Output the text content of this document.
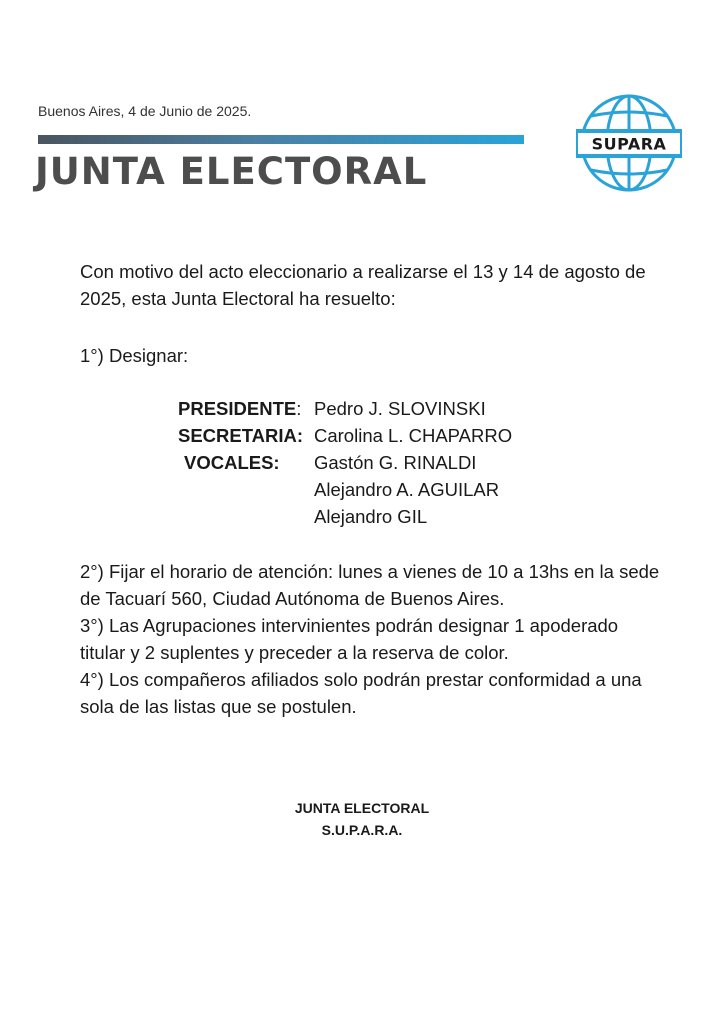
Buenos Aires, 4 de Junio de 2025.
JUNTA ELECTORAL
SUPARA
Con motivo del acto eleccionario a realizarse el 13 y 14 de agosto de 2025, esta Junta Electoral ha resuelto:
1°) Designar:
PRESIDENTE: Pedro J. SLOVINSKI
SECRETARIA: Carolina L. CHAPARRO
VOCALES:	Gastón G. RINALDI
Alejandro A. AGUILAR
Alejandro GIL

2°) Fijar el horario de atención: lunes a vienes de 10 a 13hs en la sede de Tacuarí 560, Ciudad Autónoma de Buenos Aires.

3°) Las Agrupaciones intervinientes podrán designar 1 apoderado titular y 2 suplentes y preceder a la reserva de color.

4°) Los compañeros afiliados solo podrán prestar conformidad a una sola de las listas que se postulen.

JUNTA ELECTORAL
S.U.P.A.R.A.
